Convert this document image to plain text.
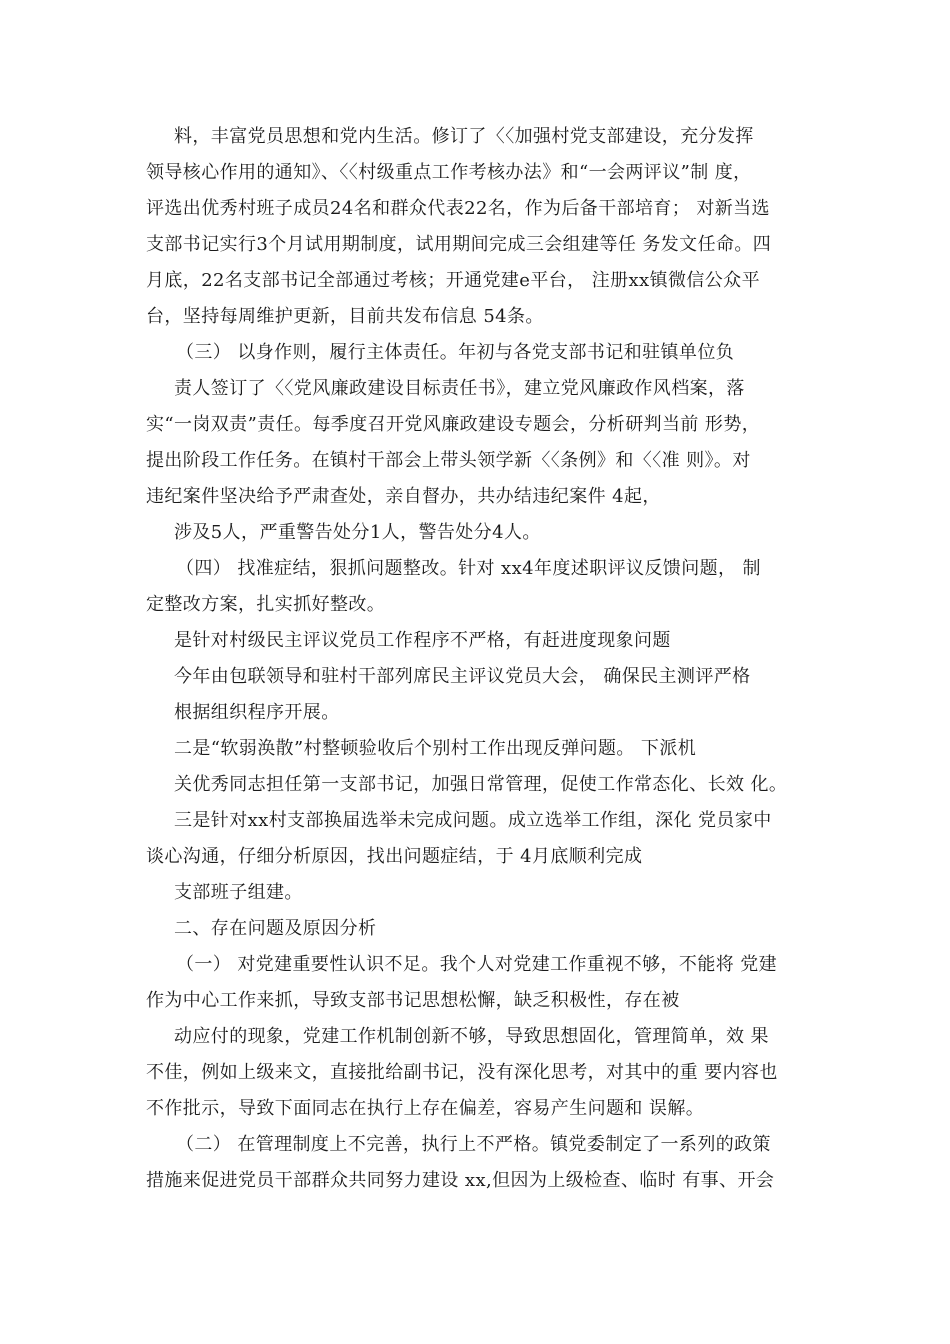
料，丰富党员思想和党内生活。修订了〈〈加强村党支部建设，充分发挥
领导核心作用的通知》、〈〈村级重点工作考核办法》和“一会两评议”制 度，
评选出优秀村班子成员24名和群众代表22名，作为后备干部培育； 对新当选
支部书记实行3个月试用期制度，试用期间完成三会组建等任 务发文任命。四
月底，22名支部书记全部通过考核；开通党建e平台， 注册xx镇微信公众平
台，坚持每周维护更新，目前共发布信息 54条。
（三） 以身作则，履行主体责任。年初与各党支部书记和驻镇单位负
责人签订了〈〈党风廉政建设目标责任书》，建立党风廉政作风档案，落
实“一岗双责”责任。每季度召开党风廉政建设专题会，分析研判当前 形势，
提出阶段工作任务。在镇村干部会上带头领学新〈〈条例》和〈〈准 则》。对
违纪案件坚决给予严肃查处，亲自督办，共办结违纪案件 4起，
涉及5人，严重警告处分1人，警告处分4人。
（四） 找准症结，狠抓问题整改。针对 xx4年度述职评议反馈问题， 制
定整改方案，扎实抓好整改。
是针对村级民主评议党员工作程序不严格，有赶进度现象问题
今年由包联领导和驻村干部列席民主评议党员大会， 确保民主测评严格
根据组织程序开展。
二是“软弱涣散”村整顿验收后个别村工作出现反弹问题。 下派机
关优秀同志担任第一支部书记，加强日常管理，促使工作常态化、长效 化。
三是针对xx村支部换届选举未完成问题。成立选举工作组，深化 党员家中
谈心沟通，仔细分析原因，找出问题症结，于 4月底顺利完成
支部班子组建。
二、存在问题及原因分析
（一） 对党建重要性认识不足。我个人对党建工作重视不够，不能将 党建
作为中心工作来抓，导致支部书记思想松懈，缺乏积极性，存在被
动应付的现象，党建工作机制创新不够，导致思想固化，管理简单，效 果
不佳，例如上级来文，直接批给副书记，没有深化思考，对其中的重 要内容也
不作批示，导致下面同志在执行上存在偏差，容易产生问题和 误解。
（二） 在管理制度上不完善，执行上不严格。镇党委制定了一系列的政策
措施来促进党员干部群众共同努力建设 xx,但因为上级检查、临时 有事、开会
